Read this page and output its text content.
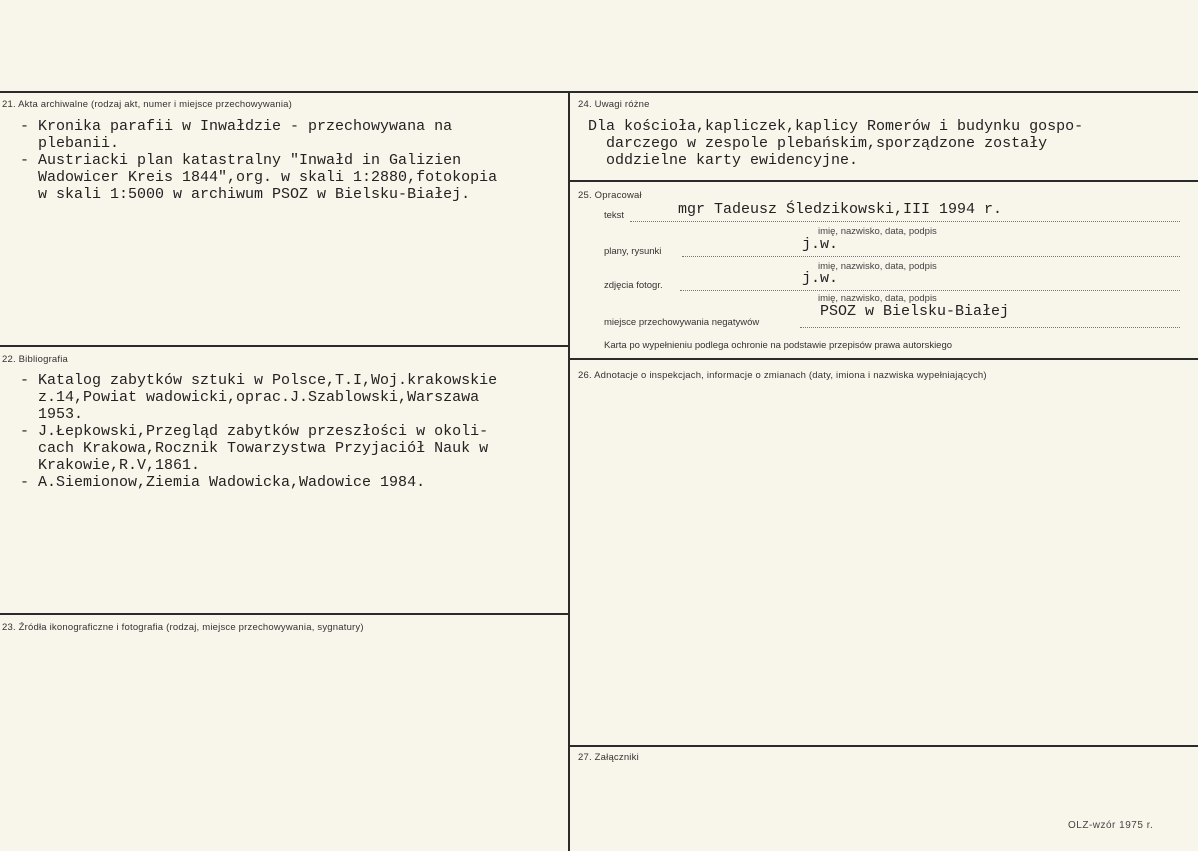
21. Akta archiwalne (rodzaj akt, numer i miejsce przechowywania)
- Kronika parafii w Inwałdzie - przechowywana na
plebanii.
- Austriacki plan katastralny "Inwałd in Galizien
Wadowicer Kreis 1844",org. w skali 1:2880,fotokopia
w skali 1:5000 w archiwum PSOZ w Bielsku-Białej.
22. Bibliografia
- Katalog zabytków sztuki w Polsce,T.I,Woj.krakowskie
z.14,Powiat wadowicki,oprac.J.Szablowski,Warszawa
1953.
- J.Łepkowski,Przegląd zabytków przeszłości w okoli-
cach Krakowa,Rocznik Towarzystwa Przyjaciół Nauk w
Krakowie,R.V,1861.
- A.Siemionow,Ziemia Wadowicka,Wadowice 1984.
23. Źródła ikonograficzne i fotografia (rodzaj, miejsce przechowywania, sygnatury)
24. Uwagi różne
Dla kościoła,kapliczek,kaplicy Romerów i budynku gospo-
darczego w zespole plebańskim,sporządzone zostały
oddzielne karty ewidencyjne.
25. Opracował
tekst	mgr Tadeusz Śledzikowski,III 1994 r.
imię, nazwisko, data, podpis
plany, rysunki	j.w.
imię, nazwisko, data, podpis
zdjęcia fotogr.	j.w.
imię, nazwisko, data, podpis
miejsce przechowywania negatywów
PSOZ w Bielsku-Białej
Karta po wypełnieniu podlega ochronie na podstawie przepisów prawa autorskiego
26. Adnotacje o inspekcjach, informacje o zmianach (daty, imiona i nazwiska wypełniających)
27. Załączniki
OLZ-wzór 1975 r.
